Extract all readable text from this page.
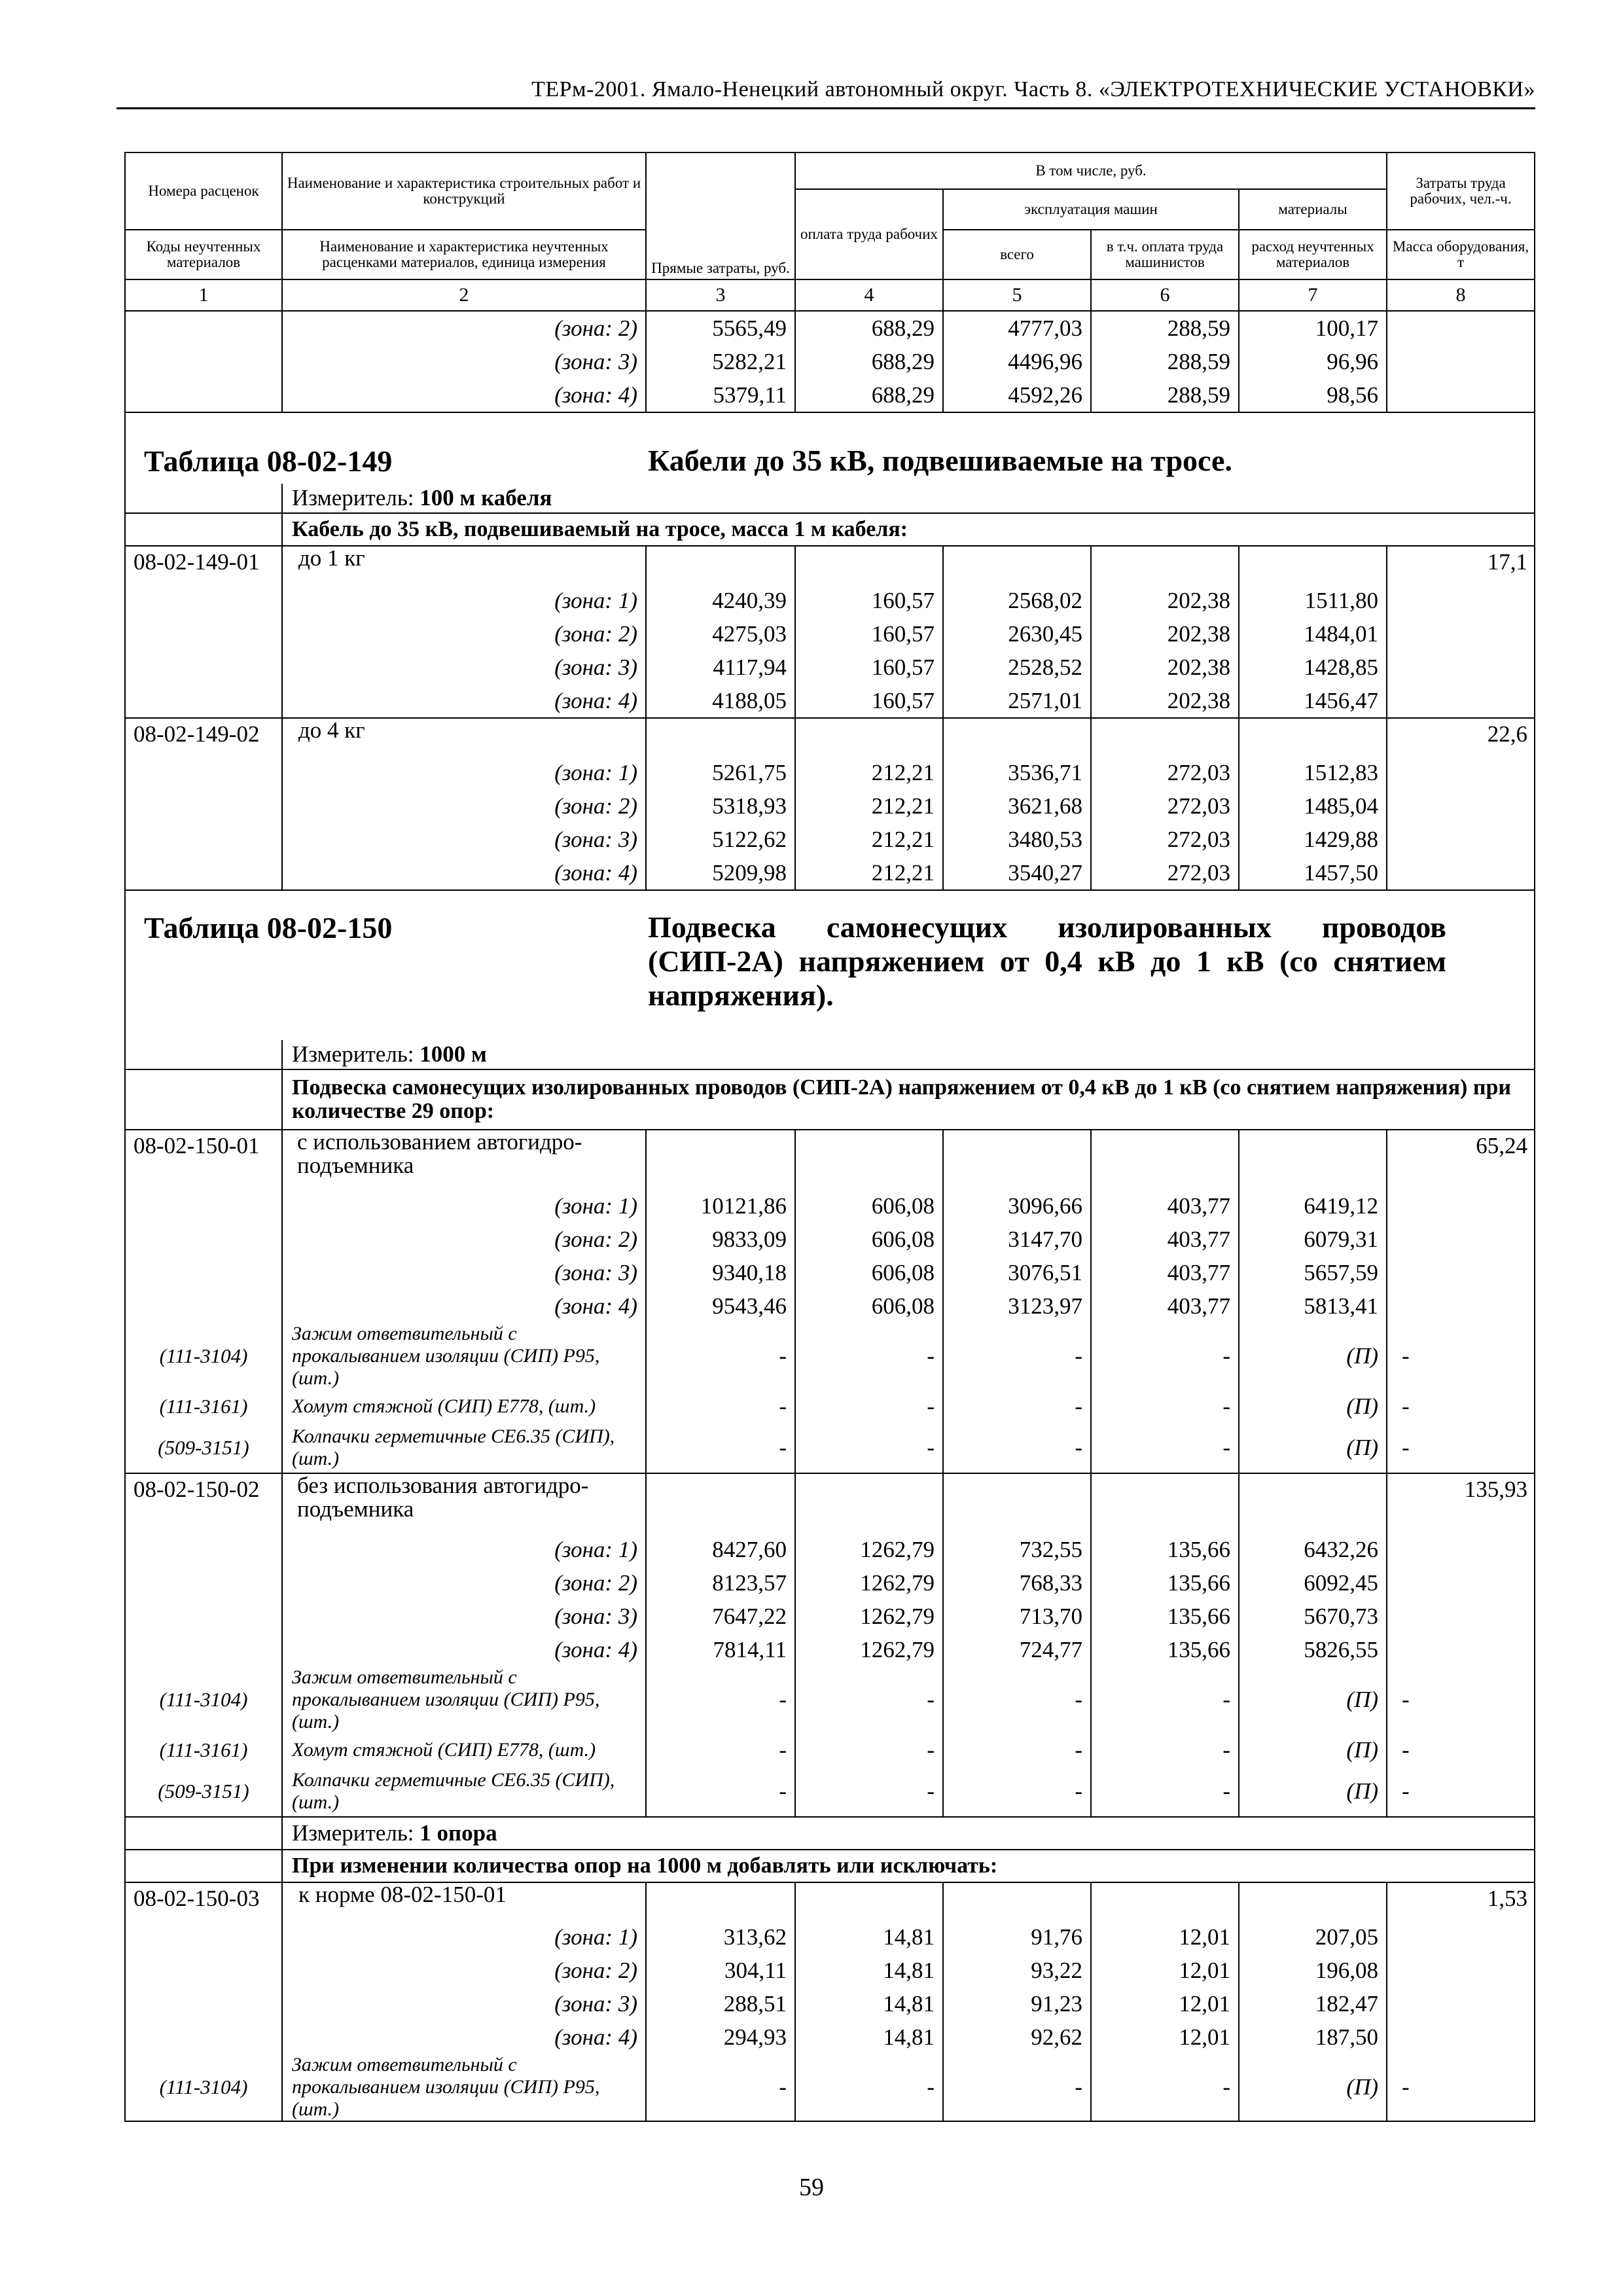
ТЕРм-2001. Ямало-Ненецкий автономный округ. Часть 8. «ЭЛЕКТРОТЕХНИЧЕСКИЕ УСТАНОВКИ»
Номера расценок	Наименование и характеристика строительных работ и конструкций	Прямые затраты, руб.	В том числе, руб.				Затраты труда рабочих, чел.-ч.
			оплата труда рабочих	эксплуатация машин		материалы	
Коды неучтенных материалов	Наименование и характеристика неучтенных расценками материалов, единица измерения			всего	в т.ч. оплата труда машинистов	расход неучтенных материалов	Масса оборудования, т
1	2	3	4	5	6	7	8
	(зона: 2)	5565,49	688,29	4777,03	288,59	100,17	
	(зона: 3)	5282,21	688,29	4496,96	288,59	96,96	
	(зона: 4)	5379,11	688,29	4592,26	288,59	98,56	
Таблица 08-02-149 Кабели до 35 кВ, подвешиваемые на тросе.							
	Измеритель: 100 м кабеля						
	Кабель до 35 кВ, подвешиваемый на тросе, масса 1 м кабеля:						
08-02-149-01	до 1 кг						17,1
	(зона: 1)	4240,39	160,57	2568,02	202,38	1511,80	
	(зона: 2)	4275,03	160,57	2630,45	202,38	1484,01	
	(зона: 3)	4117,94	160,57	2528,52	202,38	1428,85	
	(зона: 4)	4188,05	160,57	2571,01	202,38	1456,47	
08-02-149-02	до 4 кг						22,6
	(зона: 1)	5261,75	212,21	3536,71	272,03	1512,83	
	(зона: 2)	5318,93	212,21	3621,68	272,03	1485,04	
	(зона: 3)	5122,62	212,21	3480,53	272,03	1429,88	
	(зона: 4)	5209,98	212,21	3540,27	272,03	1457,50	
Таблица 08-02-150 Подвеска самонесущих изолированных проводов (СИП-2А) напряжением от 0,4 кВ до 1 кВ (со снятием напряжения).							
	Измеритель: 1000 м						
	Подвеска самонесущих изолированных проводов (СИП-2А) напряжением от 0,4 кВ до 1 кВ (со снятием напряжения) при количестве 29 опор:						
08-02-150-01	с использованием автогидро-подъемника						65,24
	(зона: 1)	10121,86	606,08	3096,66	403,77	6419,12	
	(зона: 2)	9833,09	606,08	3147,70	403,77	6079,31	
	(зона: 3)	9340,18	606,08	3076,51	403,77	5657,59	
	(зона: 4)	9543,46	606,08	3123,97	403,77	5813,41	
(111-3104)	Зажим ответвительный с прокалыванием изоляции (СИП) P95, (шт.)	-	-	-	-	(П)	-
(111-3161)	Хомут стяжной (СИП) E778, (шт.)	-	-	-	-	(П)	-
(509-3151)	Колпачки герметичные CE6.35 (СИП), (шт.)	-	-	-	-	(П)	-
08-02-150-02	без использования автогидро-подъемника						135,93
	(зона: 1)	8427,60	1262,79	732,55	135,66	6432,26	
	(зона: 2)	8123,57	1262,79	768,33	135,66	6092,45	
	(зона: 3)	7647,22	1262,79	713,70	135,66	5670,73	
	(зона: 4)	7814,11	1262,79	724,77	135,66	5826,55	
(111-3104)	Зажим ответвительный с прокалыванием изоляции (СИП) P95, (шт.)	-	-	-	-	(П)	-
(111-3161)	Хомут стяжной (СИП) E778, (шт.)	-	-	-	-	(П)	-
(509-3151)	Колпачки герметичные CE6.35 (СИП), (шт.)	-	-	-	-	(П)	-
	Измеритель: 1 опора						
	При изменении количества опор на 1000 м добавлять или исключать:						
08-02-150-03	к норме 08-02-150-01						1,53
	(зона: 1)	313,62	14,81	91,76	12,01	207,05	
	(зона: 2)	304,11	14,81	93,22	12,01	196,08	
	(зона: 3)	288,51	14,81	91,23	12,01	182,47	
	(зона: 4)	294,93	14,81	92,62	12,01	187,50	
(111-3104)	Зажим ответвительный с прокалыванием изоляции (СИП) P95, (шт.)	-	-	-	-	(П)	-
59
